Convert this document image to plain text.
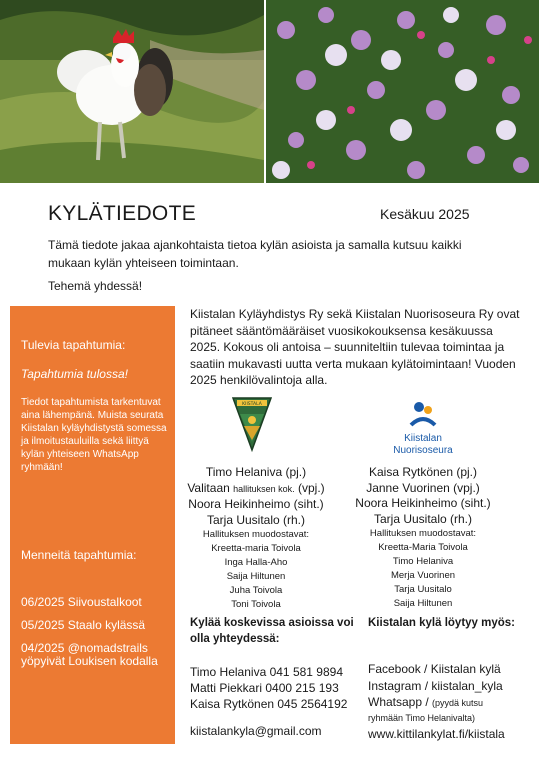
KYLÄTIEDOTE	Kesäkuu 2025
Tämä tiedote jakaa ajankohtaista tietoa kylän asioista ja samalla kutsuu kaikki mukaan kylän yhteiseen toimintaan.
Tehemä yhdessä!
Tulevia tapahtumia:
Tapahtumia tulossa!
Tiedot tapahtumista tarkentuvat aina lähempänä. Muista seurata Kiistalan kyläyhdistystä somessa ja ilmoitustauluilla sekä liittyä kylän yhteiseen WhatsApp ryhmään!
Menneitä tapahtumia:
06/2025 Siivoustalkoot
05/2025 Staalo kylässä
04/2025 @nomadstrails yöpyivät Loukisen kodalla
Kiistalan Kyläyhdistys Ry sekä Kiistalan Nuorisoseura Ry ovat pitäneet sääntömääräiset vuosikokouksensa kesäkuussa 2025. Kokous oli antoisa – suunniteltiin tulevaa toimintaa ja saatiin mukavasti uutta verta mukaan kylätoimintaan! Vuoden 2025 henkilövalintoja alla.
KIISTALA
Kiistalan
Nuorisoseura
Timo Helaniva (pj.)
Valitaan hallituksen kok. (vpj.)
Noora Heikinheimo (siht.)
Tarja Uusitalo (rh.)
Hallituksen muodostavat:
Kreetta-maria Toivola
Inga Halla-Aho
Saija Hiltunen
Juha Toivola
Toni Toivola
Kaisa Rytkönen (pj.)
Janne Vuorinen (vpj.)
Noora Heikinheimo (siht.)
Tarja Uusitalo (rh.)
Hallituksen muodostavat:
Kreetta-Maria Toivola
Timo Helaniva
Merja Vuorinen
Tarja Uusitalo
Saija Hiltunen
Kylää koskevissa asioissa voi olla yhteydessä:
Kiistalan kylä löytyy myös:
Timo Helaniva 041 581 9894
Matti Piekkari 0400 215 193
Kaisa Rytkönen 045 2564192
kiistalankyla@gmail.com
Facebook / Kiistalan kylä
Instagram / kiistalan_kyla
Whatsapp / (pyydä kutsu
ryhmään Timo Helanivalta)
www.kittilankylat.fi/kiistala
